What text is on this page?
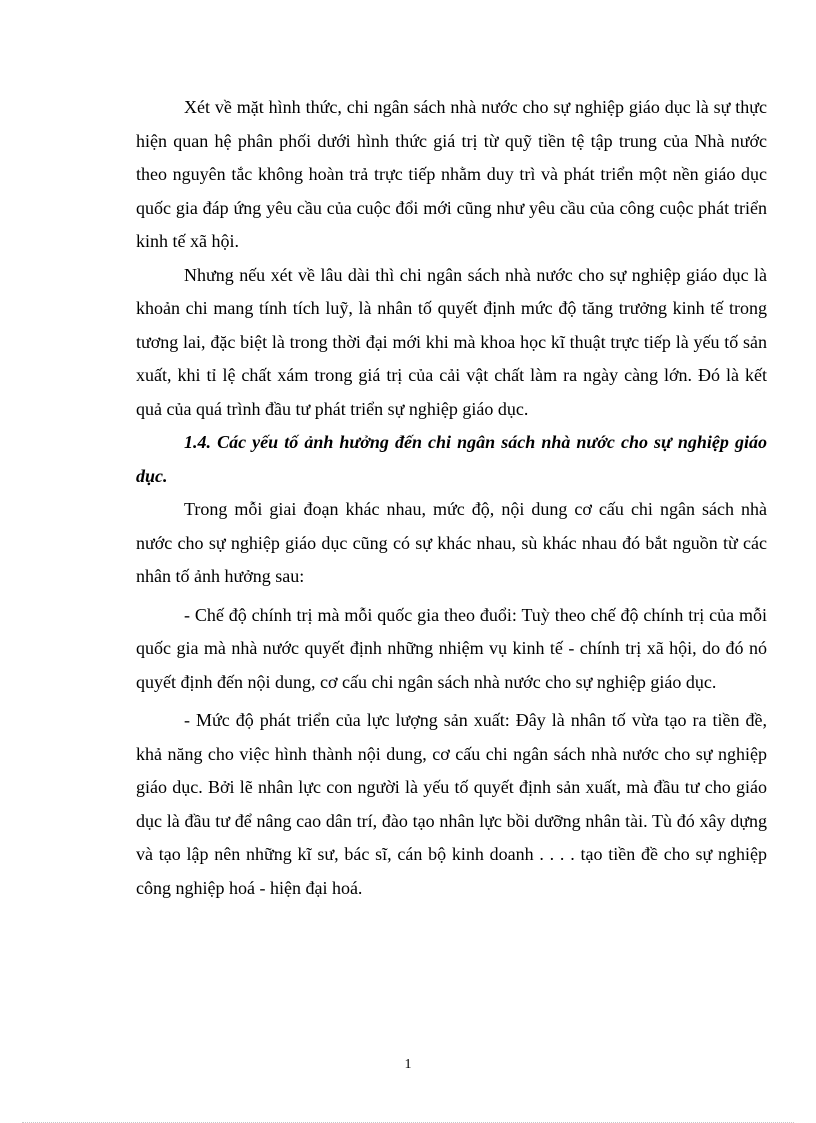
Xét về mặt hình thức, chi ngân sách nhà nước cho sự nghiệp giáo dục là sự thực hiện quan hệ phân phối dưới hình thức giá trị từ quỹ tiền tệ tập trung của Nhà nước theo nguyên tắc không hoàn trả trực tiếp nhằm duy trì và phát triển một nền giáo dục quốc gia đáp ứng yêu cầu của cuộc đổi mới cũng như yêu cầu của công cuộc phát triển kinh tế xã hội.

Nhưng nếu xét về lâu dài thì chi ngân sách nhà nước cho sự nghiệp giáo dục là khoản chi mang tính tích luỹ, là nhân tố quyết định mức độ tăng trưởng kinh tế trong tương lai, đặc biệt là trong thời đại mới khi mà khoa học kĩ thuật trực tiếp là yếu tố sản xuất, khi tỉ lệ chất xám trong giá trị của cải vật chất làm ra ngày càng lớn. Đó là kết quả của quá trình đầu tư phát triển sự nghiệp giáo dục.

1.4. Các yếu tố ảnh hưởng đến chi ngân sách nhà nước cho sự nghiệp giáo dục.

Trong mỗi giai đoạn khác nhau, mức độ, nội dung cơ cấu chi ngân sách nhà nước cho sự nghiệp giáo dục cũng có sự khác nhau, sù khác nhau đó bắt nguồn từ các nhân tố ảnh hưởng sau:

- Chế độ chính trị mà mỗi quốc gia theo đuổi: Tuỳ theo chế độ chính trị của mỗi quốc gia mà nhà nước quyết định những nhiệm vụ kinh tế - chính trị xã hội, do đó nó quyết định đến nội dung, cơ cấu chi ngân sách nhà nước cho sự nghiệp giáo dục.

- Mức độ phát triển của lực lượng sản xuất: Đây là nhân tố vừa tạo ra tiền đề, khả năng cho việc hình thành nội dung, cơ cấu chi ngân sách nhà nước cho sự nghiệp giáo dục. Bởi lẽ nhân lực con người là yếu tố quyết định sản xuất, mà đầu tư cho giáo dục là đầu tư để nâng cao dân trí, đào tạo nhân lực bồi dưỡng nhân tài. Tù đó xây dựng và tạo lập nên những kĩ sư, bác sĩ, cán bộ kinh doanh . . . . tạo tiền đề cho sự nghiệp công nghiệp hoá - hiện đại hoá.

1
